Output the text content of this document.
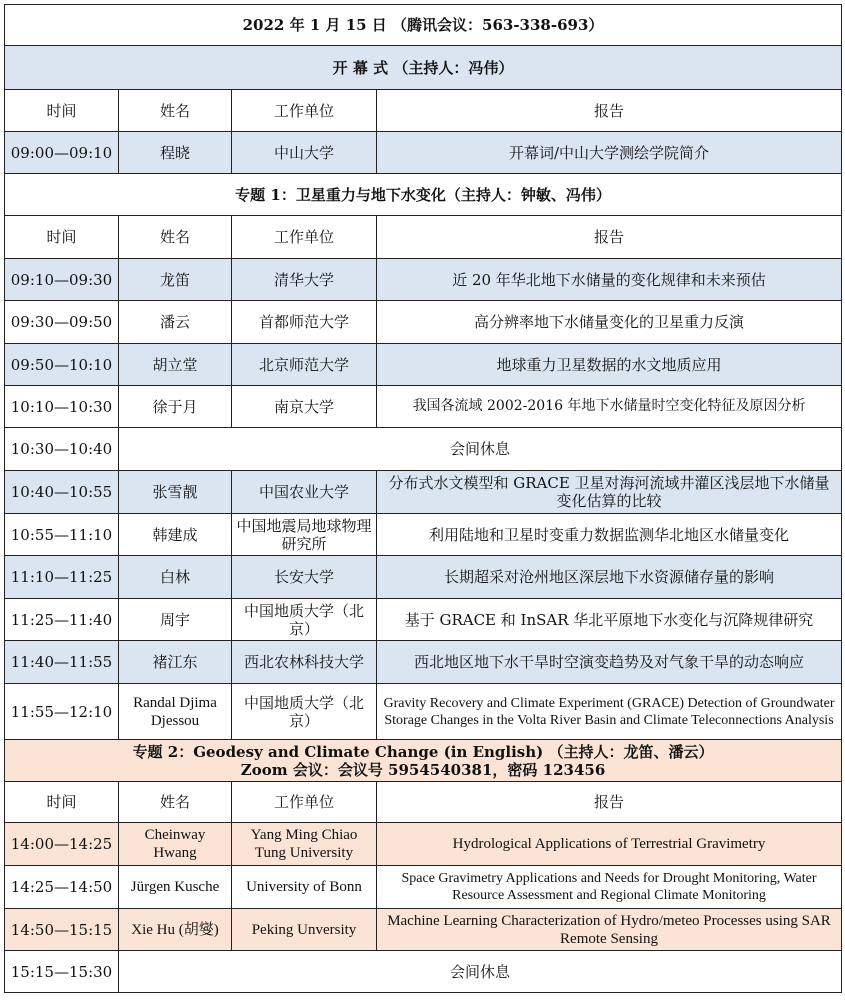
2022 年 1 月 15 日 （腾讯会议：563-338-693）			
开 幕 式 （主持人：冯伟）			
时间	姓名	工作单位	报告
09:00—09:10	程晓	中山大学	开幕词/中山大学测绘学院简介
专题 1：卫星重力与地下水变化（主持人：钟敏、冯伟）			
时间	姓名	工作单位	报告
09:10—09:30	龙笛	清华大学	近 20 年华北地下水储量的变化规律和未来预估
09:30—09:50	潘云	首都师范大学	高分辨率地下水储量变化的卫星重力反演
09:50—10:10	胡立堂	北京师范大学	地球重力卫星数据的水文地质应用
10:10—10:30	徐于月	南京大学	我国各流域 2002-2016 年地下水储量时空变化特征及原因分析
10:30—10:40	会间休息		
10:40—10:55	张雪靓	中国农业大学	分布式水文模型和 GRACE 卫星对海河流域井灌区浅层地下水储量变化估算的比较
10:55—11:10	韩建成	中国地震局地球物理研究所	利用陆地和卫星时变重力数据监测华北地区水储量变化
11:10—11:25	白林	长安大学	长期超采对沧州地区深层地下水资源储存量的影响
11:25—11:40	周宇	中国地质大学（北京）	基于 GRACE 和 InSAR 华北平原地下水变化与沉降规律研究
11:40—11:55	褚江东	西北农林科技大学	西北地区地下水干旱时空演变趋势及对气象干旱的动态响应
11:55—12:10	Randal Djima Djessou	中国地质大学（北京）	Gravity Recovery and Climate Experiment (GRACE) Detection of Groundwater Storage Changes in the Volta River Basin and Climate Teleconnections Analysis

专题 2：Geodesy and Climate Change (in English) （主持人：龙笛、潘云）
Zoom 会议：会议号 5954540381，密码 123456			

时间	姓名	工作单位	报告
14:00—14:25	Cheinway Hwang	Yang Ming Chiao Tung University	Hydrological Applications of Terrestrial Gravimetry
14:25—14:50	Jürgen Kusche	University of Bonn	Space Gravimetry Applications and Needs for Drought Monitoring, Water Resource Assessment and Regional Climate Monitoring
14:50—15:15	Xie Hu (胡燮)	Peking Unversity	Machine Learning Characterization of Hydro/meteo Processes using SAR Remote Sensing
15:15—15:30	会间休息		
